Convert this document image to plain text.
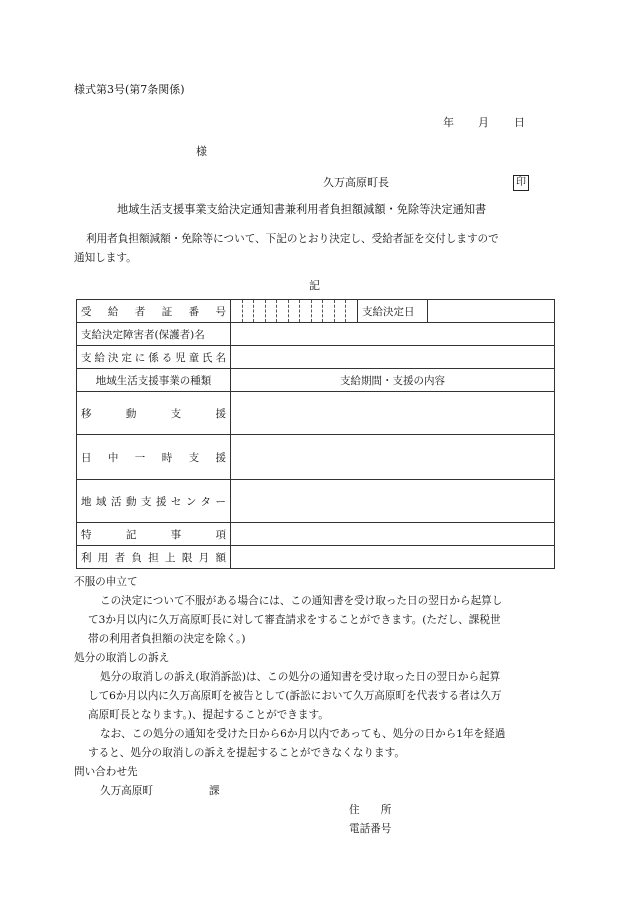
様式第3号(第7条関係)
年 月 日
様
久万高原町長	印
地域生活支援事業支給決定通知書兼利用者負担額減額・免除等決定通知書
利用者負担額減額・免除等について、下記のとおり決定し、受給者証を交付しますので
通知します。
記
受 給 者 証 番 号		支給決定日	
支給決定障害者(保護者)名			
支給決定に係る児童氏名			
地域生活支援事業の種類	支給期間・支援の内容		
移 動 支 援			
日 中 一 時 支 援			
地域活動支援センター			
特 記 事 項			
利 用 者 負 担 上 限 月 額			
不服の申立て
この決定について不服がある場合には、この通知書を受け取った日の翌日から起算し
て3か月以内に久万高原町長に対して審査請求をすることができます。(ただし、課税世
帯の利用者負担額の決定を除く。)
処分の取消しの訴え
処分の取消しの訴え(取消訴訟)は、この処分の通知書を受け取った日の翌日から起算
して6か月以内に久万高原町を被告として(訴訟において久万高原町を代表する者は久万
高原町長となります。)、提起することができます。
なお、この処分の通知を受けた日から6か月以内であっても、処分の日から1年を経過
すると、処分の取消しの訴えを提起することができなくなります。
問い合わせ先
久万高原町	課
住　　所
電話番号
